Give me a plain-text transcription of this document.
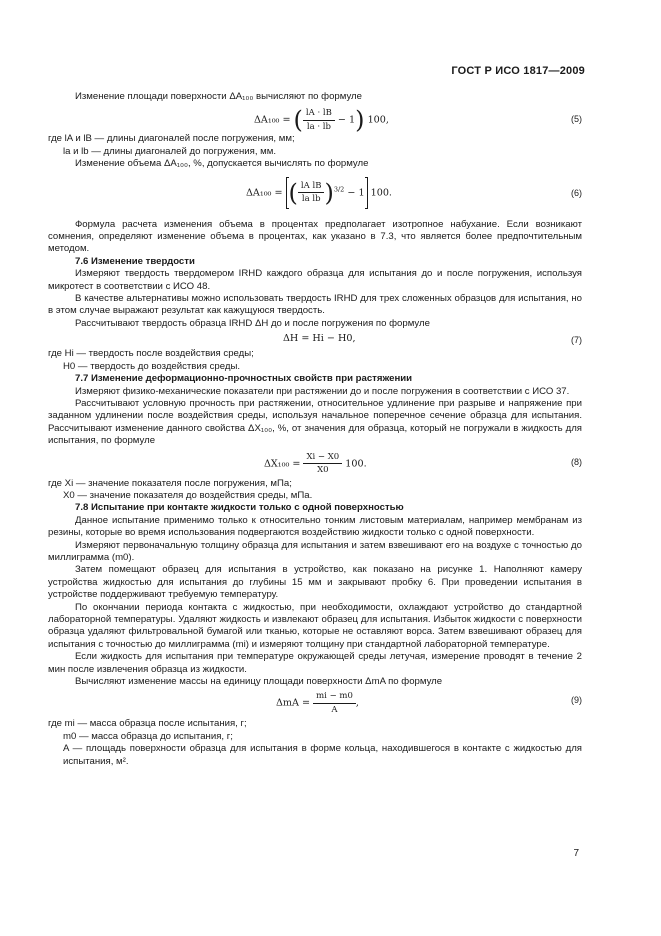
ГОСТ Р ИСО 1817—2009

Изменение площади поверхности ΔA₁₀₀ вычисляют по формуле

ΔA₁₀₀ = ( $\frac{lA \cdot lB}{la \cdot lb} - 1$) 100,	(5)

где lA и lB — длины диагоналей после погружения, мм;

la и lb — длины диагоналей до погружения, мм.

Изменение объема ΔA₁₀₀, %, допускается вычислять по формуле

ΔA₁₀₀ = ( $\frac{\text{lA lB}}{\text{la lb}} )^{3/2} - 1$ 100.	(6)

Формула расчета изменения объема в процентах предполагает изотропное набухание. Если возникают сомнения, определяют изменение объема в процентах, как указано в 7.3, что является более предпочтительным методом.

7.6 Изменение твердости

Измеряют твердость твердомером IRHD каждого образца для испытания до и после погружения, используя микротест в соответствии с ИСО 48.

В качестве альтернативы можно использовать твердость IRHD для трех сложенных образцов для испытания, но в этом случае выражают результат как кажущуюся твердость.

Рассчитывают твердость образца IRHD ΔH до и после погружения по формуле

ΔH = Hi − H0,	(7)

где Hi — твердость после воздействия среды;

H0 — твердость до воздействия среды.

7.7 Изменение деформационно-прочностных свойств при растяжении

Измеряют физико-механические показатели при растяжении до и после погружения в соответствии с ИСО 37.

Рассчитывают условную прочность при растяжении, относительное удлинение при разрыве и напряжение при заданном удлинении после воздействия среды, используя начальное поперечное сечение образца для испытания. Рассчитывают изменение данного свойства ΔX₁₀₀, %, от значения для образца, который не погружали в жидкость для испытания, по формуле

$\Delta X_{100} = \frac{Xi - X0}{X0} 100$.	(8)

где Xi — значение показателя после погружения, мПа;

X0 — значение показателя до воздействия среды, мПа.

7.8 Испытание при контакте жидкости только с одной поверхностью

Данное испытание применимо только к относительно тонким листовым материалам, например мембранам из резины, которые во время использования подвергаются воздействию жидкости только с одной поверхности.

Измеряют первоначальную толщину образца для испытания и затем взвешивают его на воздухе с точностью до миллиграмма (m0).

Затем помещают образец для испытания в устройство, как показано на рисунке 1. Наполняют камеру устройства жидкостью для испытания до глубины 15 мм и закрывают пробку 6. При проведении испытания в устройстве поддерживают требуемую температуру.

По окончании периода контакта с жидкостью, при необходимости, охлаждают устройство до стандартной лабораторной температуры. Удаляют жидкость и извлекают образец для испытания. Избыток жидкости с поверхности образца удаляют фильтровальной бумагой или тканью, которые не оставляют ворса. Затем взвешивают образец для испытания с точностью до миллиграмма (mi) и измеряют толщину при стандартной лабораторной температуре.

Если жидкость для испытания при температуре окружающей среды летучая, измерение проводят в течение 2 мин после извлечения образца из жидкости.

Вычисляют изменение массы на единицу площади поверхности ΔmA по формуле

$\Delta mA = \frac{mi - m0}{A}$ ,	(9)

где mi — масса образца после испытания, г;

m0 — масса образца до испытания, г;

A — площадь поверхности образца для испытания в форме кольца, находившегося в контакте с жидкостью для испытания, м².

7
